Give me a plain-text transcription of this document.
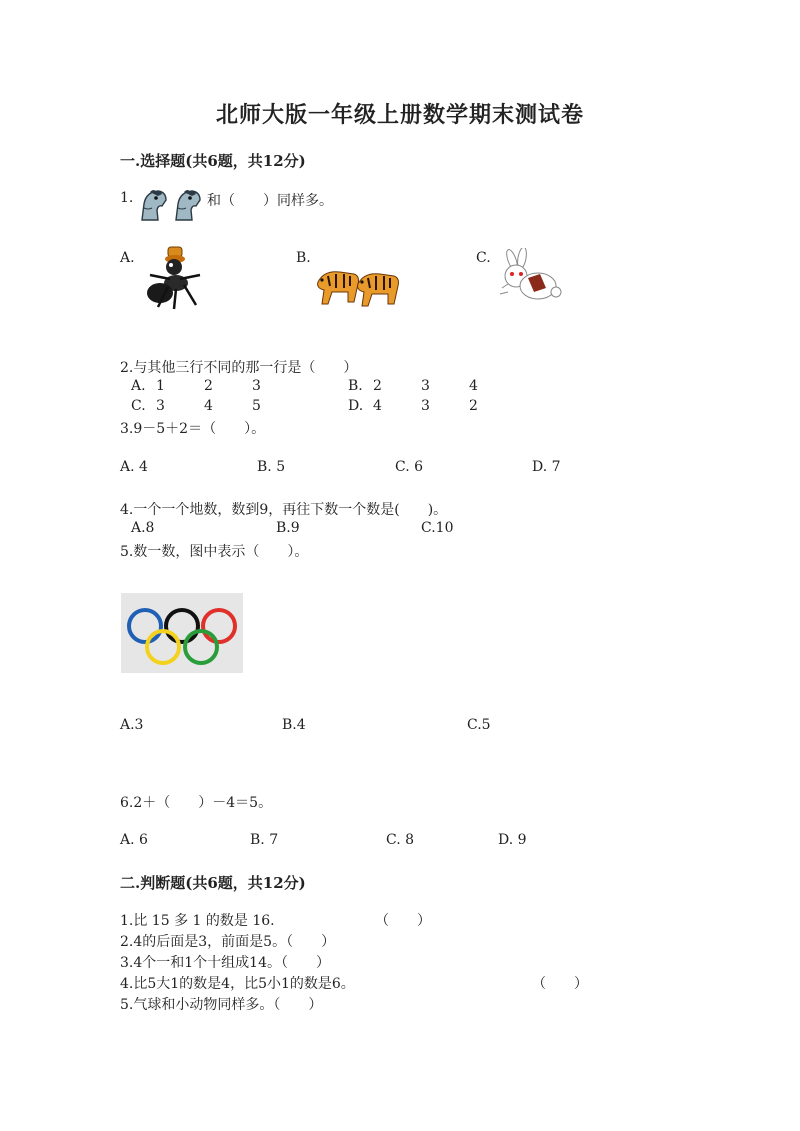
北师大版一年级上册数学期末测试卷
一.选择题(共6题，共12分)
1.	和（　　）同样多。
A.	B.	C.
2.与其他三行不同的那一行是（　　）
A. 1	2	3	B. 2	3	4
C. 3	4	5	D. 4	3	2
3.9－5＋2＝（　　）。
A. 4	B. 5	C. 6	D. 7
4.一个一个地数，数到9，再往下数一个数是(　　)。
A.8	B.9	C.10
5.数一数，图中表示（　　）。
A.3	B.4	C.5
6.2＋（　　）－4＝5。
A. 6	B. 7	C. 8	D. 9
二.判断题(共6题，共12分)
1.比 15 多 1 的数是 16.	（　　）
2.4的后面是3，前面是5。（　　）
3.4个一和1个十组成14。（　　）
4.比5大1的数是4，比5小1的数是6。	（　　）
5.气球和小动物同样多。（　　）
